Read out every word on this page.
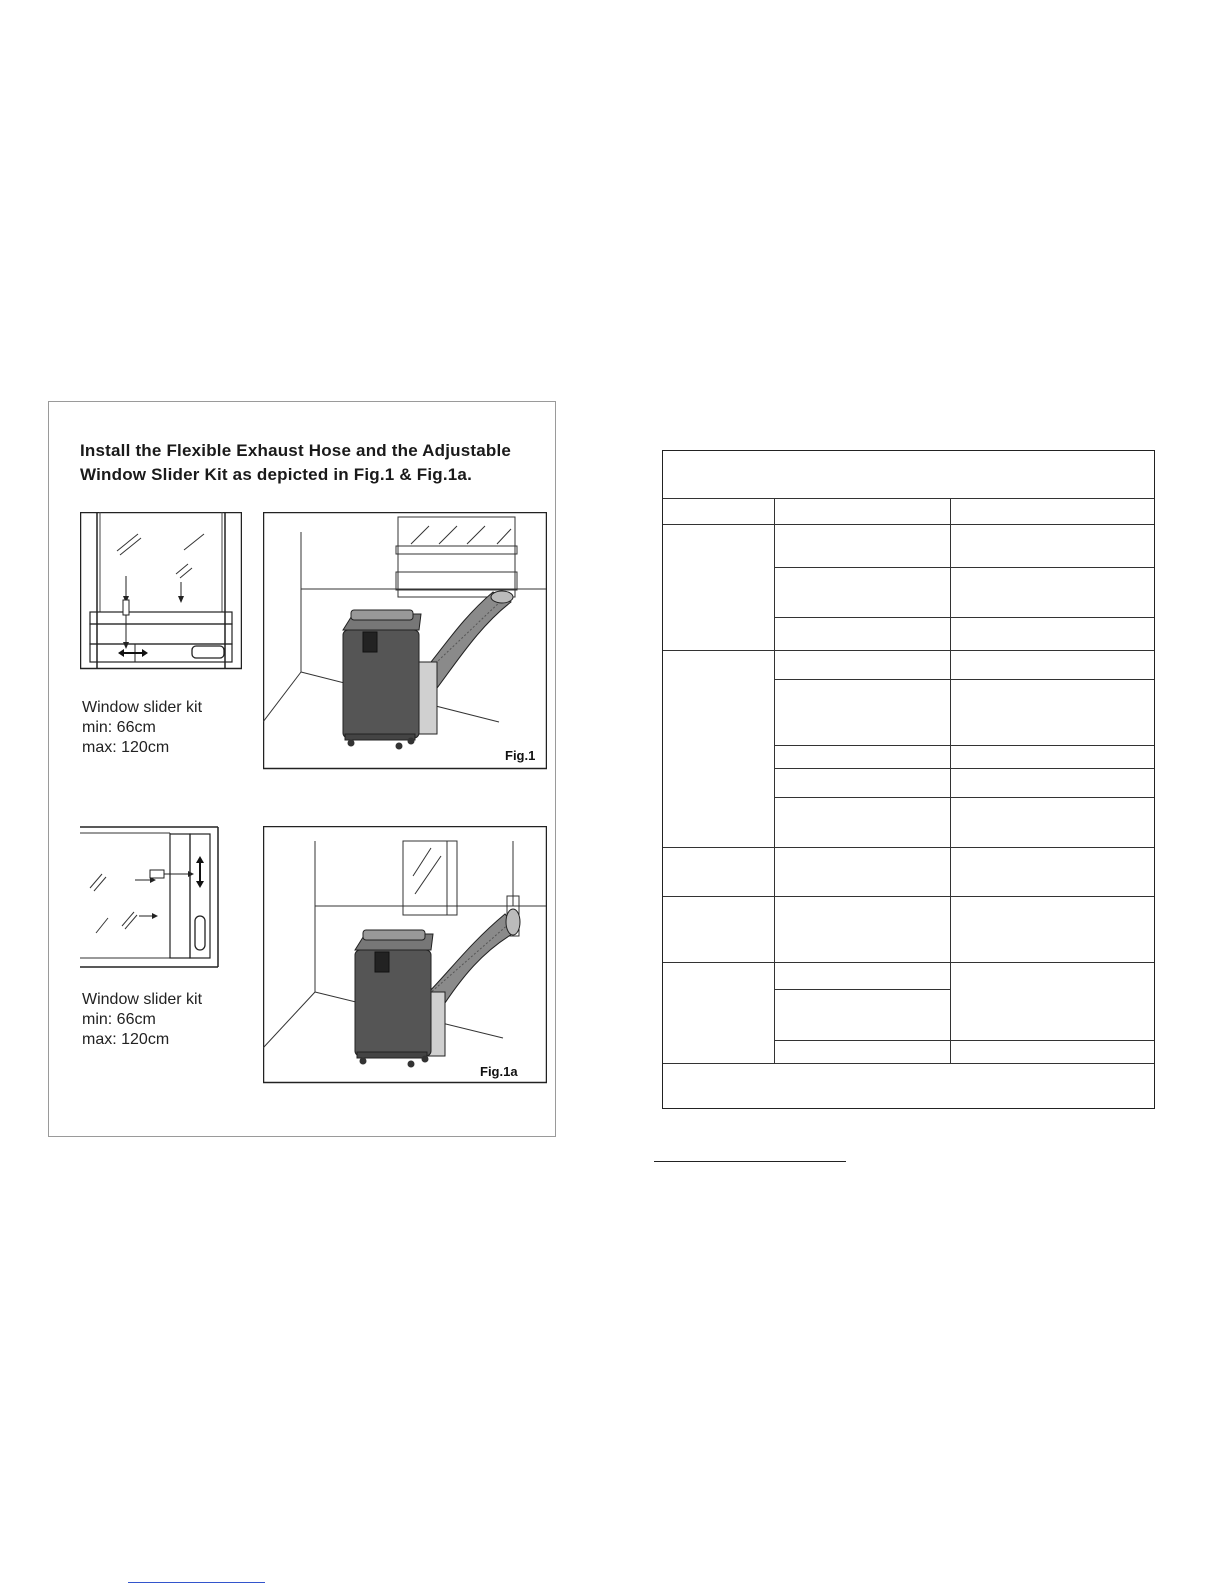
Install the Flexible Exhaust Hose and the Adjustable
Window Slider Kit as depicted in Fig.1 & Fig.1a.
Window slider kit
min: 66cm
max: 120cm	Fig.1
Window slider kit
min: 66cm
max: 120cm
Fig.1a
